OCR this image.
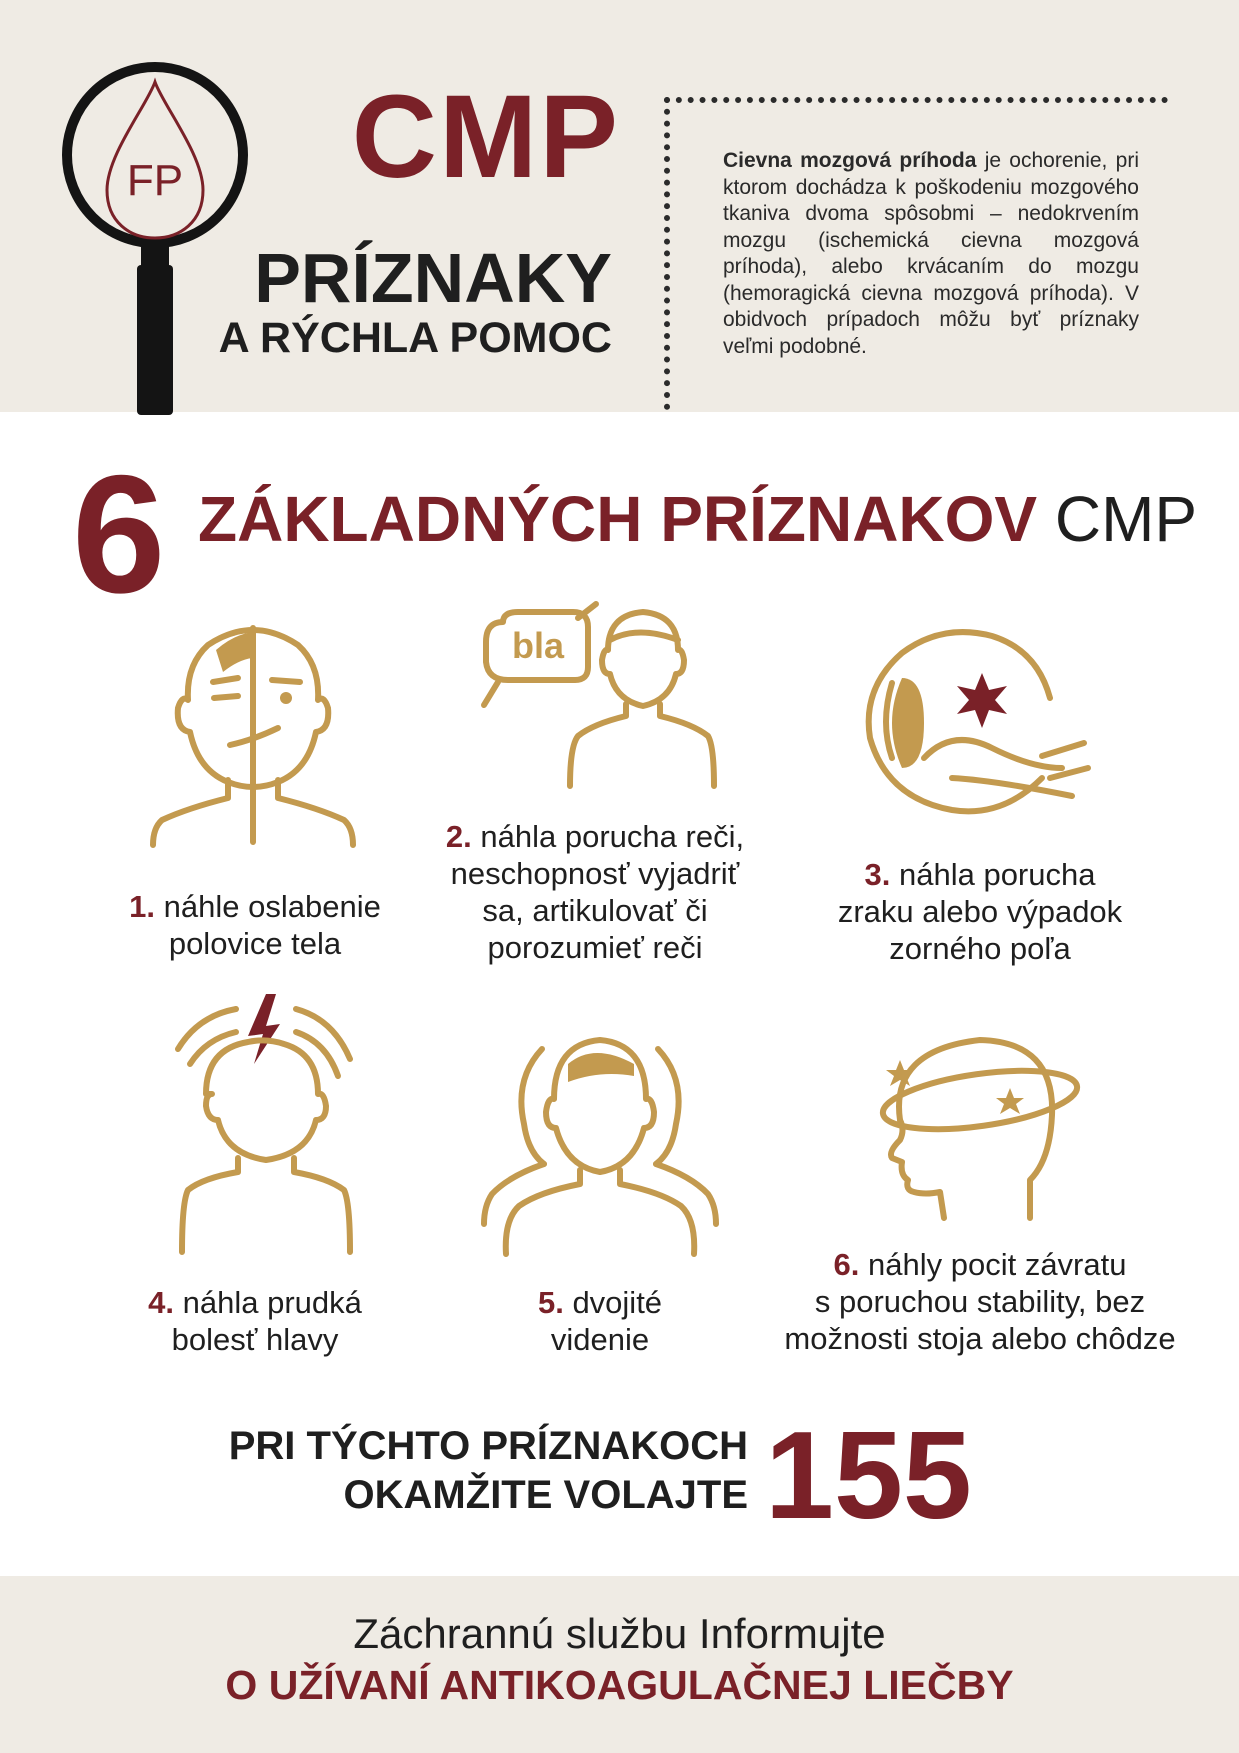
FP CMP
PRÍZNAKY
A RÝCHLA POMOC
Cievna mozgová príhoda je ochorenie, pri ktorom dochádza k poškodeniu mozgového tkaniva dvoma spôsobmi – nedokrvením mozgu (ischemická cievna mozgová príhoda), alebo krvácaním do mozgu (hemoragická cievna mozgová príhoda). V obidvoch prípadoch môžu byť príznaky veľmi podobné.
6 ZÁKLADNÝCH PRÍZNAKOV CMP
bla
1. náhle oslabenie
polovice tela
2. náhla porucha reči,
neschopnosť vyjadriť
sa, artikulovať či
porozumieť reči
3. náhla porucha
zraku alebo výpadok
zorného poľa
4. náhla prudká
bolesť hlavy
5. dvojité
videnie
6. náhly pocit závratu
s poruchou stability, bez
možnosti stoja alebo chôdze
PRI TÝCHTO PRÍZNAKOCH
OKAMŽITE VOLAJTE 155
Záchrannú službu Informujte
O UŽÍVANÍ ANTIKOAGULAČNEJ LIEČBY
